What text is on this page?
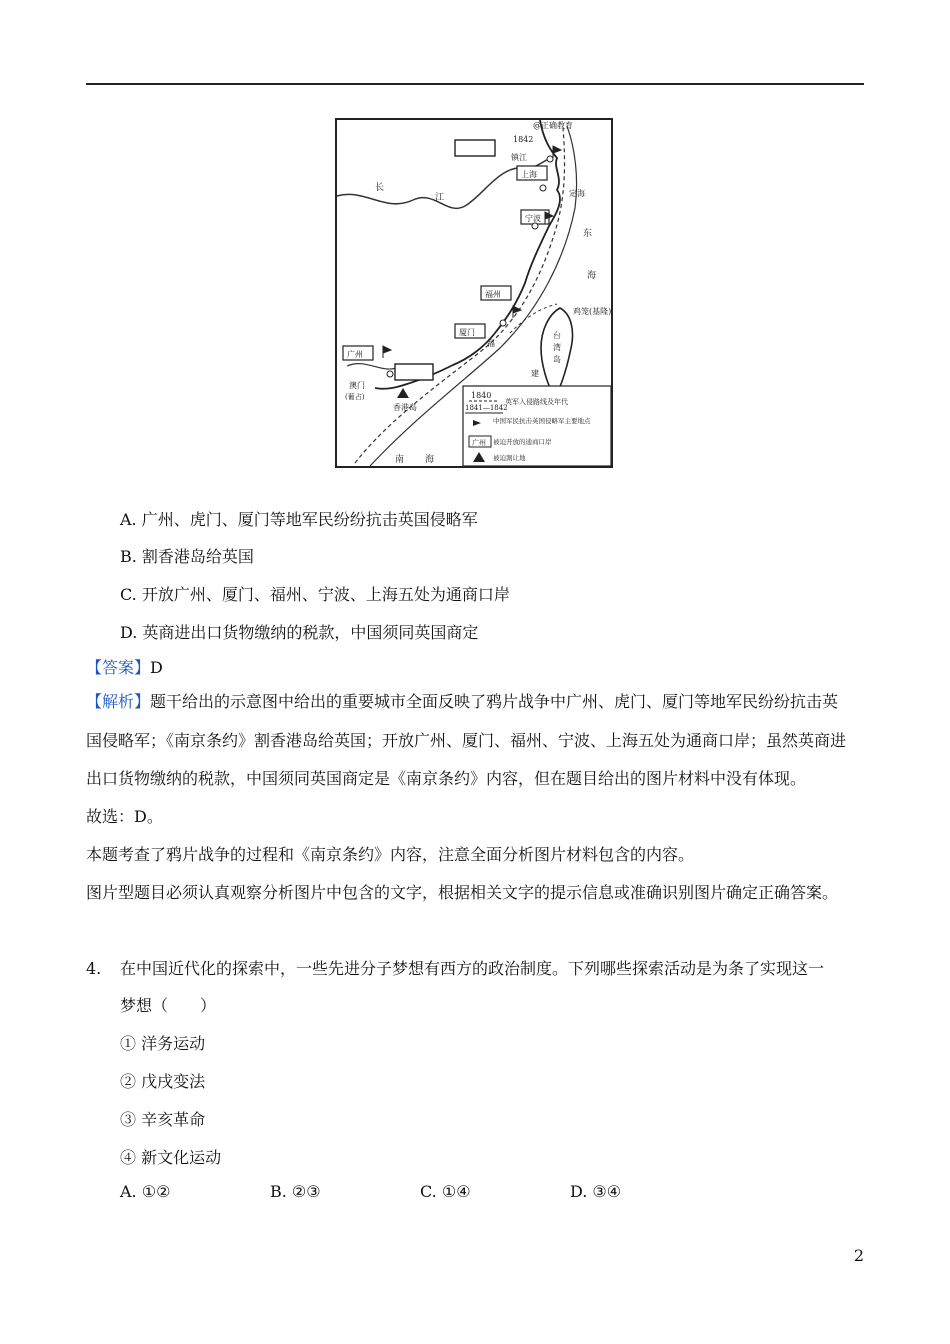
@正确教育
1842
镇江
上海
定海
宁波
福州
厦门
广州
澳门
(葡占)
香港岛
鸡笼(基隆)
长
江
东
海
福
建
台
湾
岛
南 海
1840
1841—1842
英军入侵路线及年代
中国军民抗击英国侵略军主要地点
广州 被迫开放的通商口岸
被迫割让地
A. 广州、虎门、厦门等地军民纷纷抗击英国侵略军
B. 割香港岛给英国
C. 开放广州、厦门、福州、宁波、上海五处为通商口岸
D. 英商进出口货物缴纳的税款，中国须同英国商定
【答案】D
【解析】题干给出的示意图中给出的重要城市全面反映了鸦片战争中广州、虎门、厦门等地军民纷纷抗击英
国侵略军；《南京条约》割香港岛给英国；开放广州、厦门、福州、宁波、上海五处为通商口岸；虽然英商进
出口货物缴纳的税款，中国须同英国商定是《南京条约》内容，但在题目给出的图片材料中没有体现。
故选：D。
本题考查了鸦片战争的过程和《南京条约》内容，注意全面分析图片材料包含的内容。
图片型题目必须认真观察分析图片中包含的文字，根据相关文字的提示信息或准确识别图片确定正确答案。
4. 在中国近代化的探索中，一些先进分子梦想有西方的政治制度。下列哪些探索活动是为条了实现这一
梦想（　　）
① 洋务运动
② 戊戌变法
③ 辛亥革命
④ 新文化运动
A. ①②	B. ②③	C. ①④	D. ③④
2
